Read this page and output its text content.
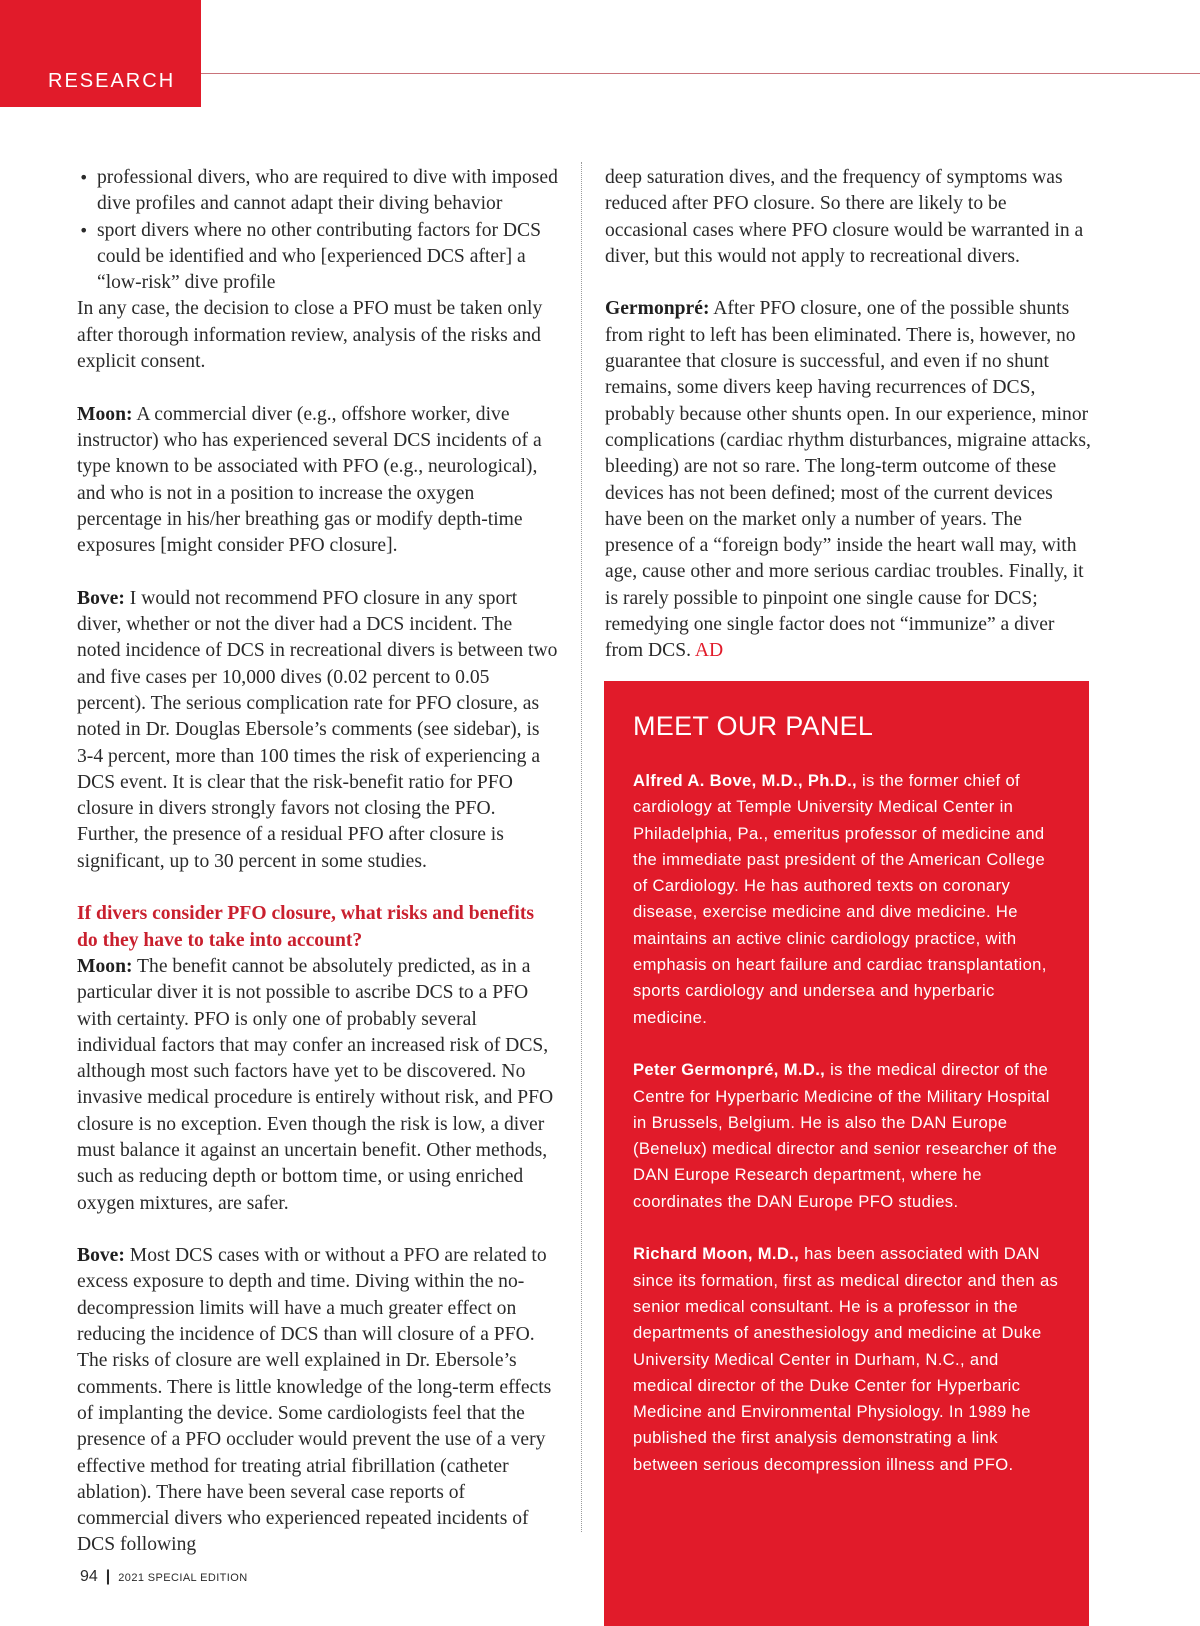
RESEARCH
• professional divers, who are required to dive with imposed dive profiles and cannot adapt their diving behavior
• sport divers where no other contributing factors for DCS could be identified and who [experienced DCS after] a “low-risk” dive profile

In any case, the decision to close a PFO must be taken only after thorough information review, analysis of the risks and explicit consent.

Moon: A commercial diver (e.g., offshore worker, dive instructor) who has experienced several DCS incidents of a type known to be associated with PFO (e.g., neurological), and who is not in a position to increase the oxygen percentage in his/her breathing gas or modify depth-time exposures [might consider PFO closure].

Bove: I would not recommend PFO closure in any sport diver, whether or not the diver had a DCS incident. The noted incidence of DCS in recreational divers is between two and five cases per 10,000 dives (0.02 percent to 0.05 percent). The serious complication rate for PFO closure, as noted in Dr. Douglas Ebersole’s comments (see sidebar), is 3-4 percent, more than 100 times the risk of experiencing a DCS event. It is clear that the risk-benefit ratio for PFO closure in divers strongly favors not closing the PFO. Further, the presence of a residual PFO after closure is significant, up to 30 percent in some studies.

If divers consider PFO closure, what risks and benefits do they have to take into account?

Moon: The benefit cannot be absolutely predicted, as in a particular diver it is not possible to ascribe DCS to a PFO with certainty. PFO is only one of probably several individual factors that may confer an increased risk of DCS, although most such factors have yet to be discovered. No invasive medical procedure is entirely without risk, and PFO closure is no exception. Even though the risk is low, a diver must balance it against an uncertain benefit. Other methods, such as reducing depth or bottom time, or using enriched oxygen mixtures, are safer.

Bove: Most DCS cases with or without a PFO are related to excess exposure to depth and time. Diving within the no-decompression limits will have a much greater effect on reducing the incidence of DCS than will closure of a PFO. The risks of closure are well explained in Dr. Ebersole’s comments. There is little knowledge of the long-term effects of implanting the device. Some cardiologists feel that the presence of a PFO occluder would prevent the use of a very effective method for treating atrial fibrillation (catheter ablation). There have been several case reports of commercial divers who experienced repeated incidents of DCS following

deep saturation dives, and the frequency of symptoms was reduced after PFO closure. So there are likely to be occasional cases where PFO closure would be warranted in a diver, but this would not apply to recreational divers.

Germonpré: After PFO closure, one of the possible shunts from right to left has been eliminated. There is, however, no guarantee that closure is successful, and even if no shunt remains, some divers keep having recurrences of DCS, probably because other shunts open. In our experience, minor complications (cardiac rhythm disturbances, migraine attacks, bleeding) are not so rare. The long-term outcome of these devices has not been defined; most of the current devices have been on the market only a number of years. The presence of a “foreign body” inside the heart wall may, with age, cause other and more serious cardiac troubles. Finally, it is rarely possible to pinpoint one single cause for DCS; remedying one single factor does not “immunize” a diver from DCS. AD

MEET OUR PANEL

Alfred A. Bove, M.D., Ph.D., is the former chief of cardiology at Temple University Medical Center in Philadelphia, Pa., emeritus professor of medicine and the immediate past president of the American College of Cardiology. He has authored texts on coronary disease, exercise medicine and dive medicine. He maintains an active clinic cardiology practice, with emphasis on heart failure and cardiac transplantation, sports cardiology and undersea and hyperbaric medicine.

Peter Germonpré, M.D., is the medical director of the Centre for Hyperbaric Medicine of the Military Hospital in Brussels, Belgium. He is also the DAN Europe (Benelux) medical director and senior researcher of the DAN Europe Research department, where he coordinates the DAN Europe PFO studies.

Richard Moon, M.D., has been associated with DAN since its formation, first as medical director and then as senior medical consultant. He is a professor in the departments of anesthesiology and medicine at Duke University Medical Center in Durham, N.C., and medical director of the Duke Center for Hyperbaric Medicine and Environmental Physiology. In 1989 he published the first analysis demonstrating a link between serious decompression illness and PFO.

94 | 2021 SPECIAL EDITION
